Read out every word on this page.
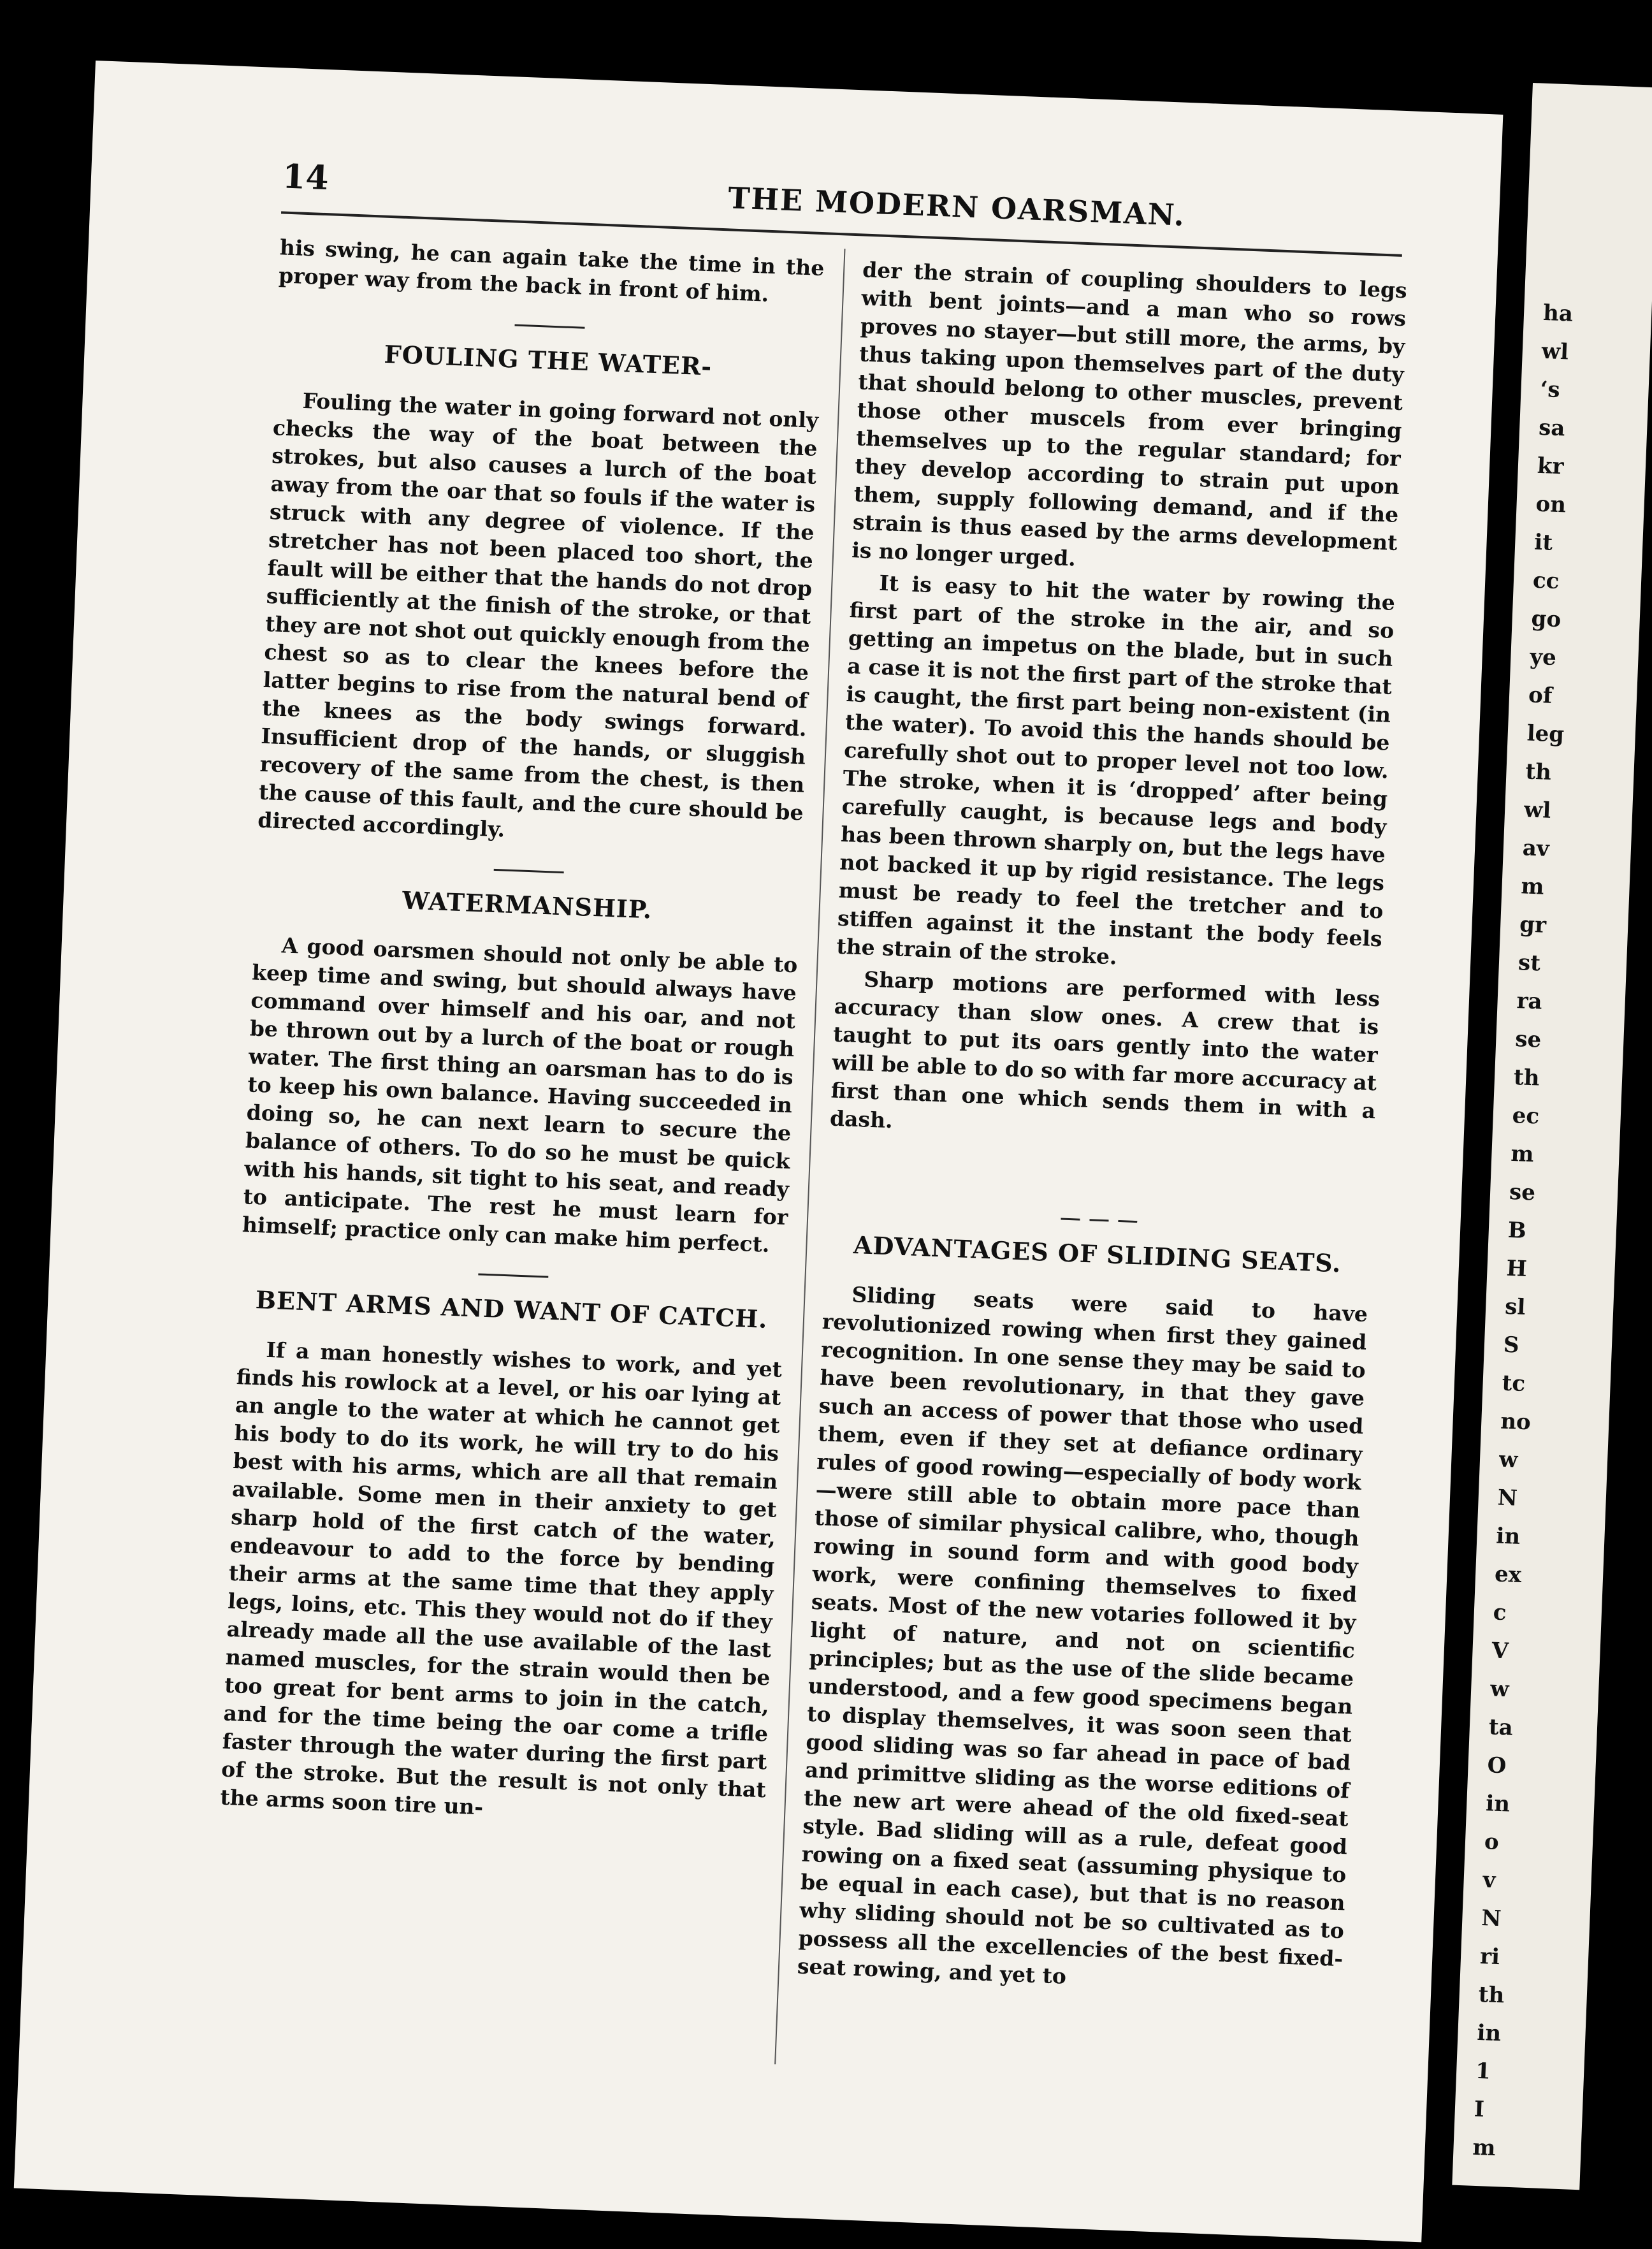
14
THE MODERN OARSMAN.

his swing, he can again take the time in the proper way from the back in front of him.

FOULING THE WATER-

Fouling the water in going forward not only checks the way of the boat between the strokes, but also causes a lurch of the boat away from the oar that so fouls if the water is struck with any degree of violence. If the stretcher has not been placed too short, the fault will be either that the hands do not drop sufficiently at the finish of the stroke, or that they are not shot out quickly enough from the chest so as to clear the knees before the latter begins to rise from the natural bend of the knees as the body swings forward. Insufficient drop of the hands, or sluggish recovery of the same from the chest, is then the cause of this fault, and the cure should be directed accordingly.

WATERMANSHIP.

A good oarsmen should not only be able to keep time and swing, but should always have command over himself and his oar, and not be thrown out by a lurch of the boat or rough water. The first thing an oarsman has to do is to keep his own balance. Having succeeded in doing so, he can next learn to secure the balance of others. To do so he must be quick with his hands, sit tight to his seat, and ready to anticipate. The rest he must learn for himself; practice only can make him perfect.

BENT ARMS AND WANT OF CATCH.

If a man honestly wishes to work, and yet finds his rowlock at a level, or his oar lying at an angle to the water at which he cannot get his body to do its work, he will try to do his best with his arms, which are all that remain available. Some men in their anxiety to get sharp hold of the first catch of the water, endeavour to add to the force by bending their arms at the same time that they apply legs, loins, etc. This they would not do if they already made all the use available of the last named muscles, for the strain would then be too great for bent arms to join in the catch, and for the time being the oar come a trifle faster through the water during the first part of the stroke. But the result is not only that the arms soon tire un-

der the strain of coupling shoulders to legs with bent joints—and a man who so rows proves no stayer—but still more, the arms, by thus taking upon themselves part of the duty that should belong to other muscles, prevent those other muscels from ever bringing themselves up to the regular standard; for they develop according to strain put upon them, supply following demand, and if the strain is thus eased by the arms development is no longer urged.

It is easy to hit the water by rowing the first part of the stroke in the air, and so getting an impetus on the blade, but in such a case it is not the first part of the stroke that is caught, the first part being non-existent (in the water). To avoid this the hands should be carefully shot out to proper level not too low. The stroke, when it is ‘dropped’ after being carefully caught, is because legs and body has been thrown sharply on, but the legs have not backed it up by rigid resistance. The legs must be ready to feel the tretcher and to stiffen against it the instant the body feels the strain of the stroke.

Sharp motions are performed with less accuracy than slow ones. A crew that is taught to put its oars gently into the water will be able to do so with far more accuracy at first than one which sends them in with a dash.

ADVANTAGES OF SLIDING SEATS.

Sliding seats were said to have revolutionized rowing when first they gained recognition. In one sense they may be said to have been revolutionary, in that they gave such an access of power that those who used them, even if they set at defiance ordinary rules of good rowing—especially of body work—were still able to obtain more pace than those of similar physical calibre, who, though rowing in sound form and with good body work, were confining themselves to fixed seats. Most of the new votaries followed it by light of nature, and not on scientific principles; but as the use of the slide became understood, and a few good specimens began to display themselves, it was soon seen that good sliding was so far ahead in pace of bad and primittve sliding as the worse editions of the new art were ahead of the old fixed-seat style. Bad sliding will as a rule, defeat good rowing on a fixed seat (assuming physique to be equal in each case), but that is no reason why sliding should not be so cultivated as to possess all the excellencies of the best fixed-seat rowing, and yet to

ha
wl
‘s
sa
kr
on
it
cc
go
ye
of
leg
th
wl
av
m
gr
st
ra
se
th
ec
m
se
B
H
sl
S
tc
no
w
N
in
ex
c
V
w
ta
O
in
o
v
N
ri
th
in
1
I
m
